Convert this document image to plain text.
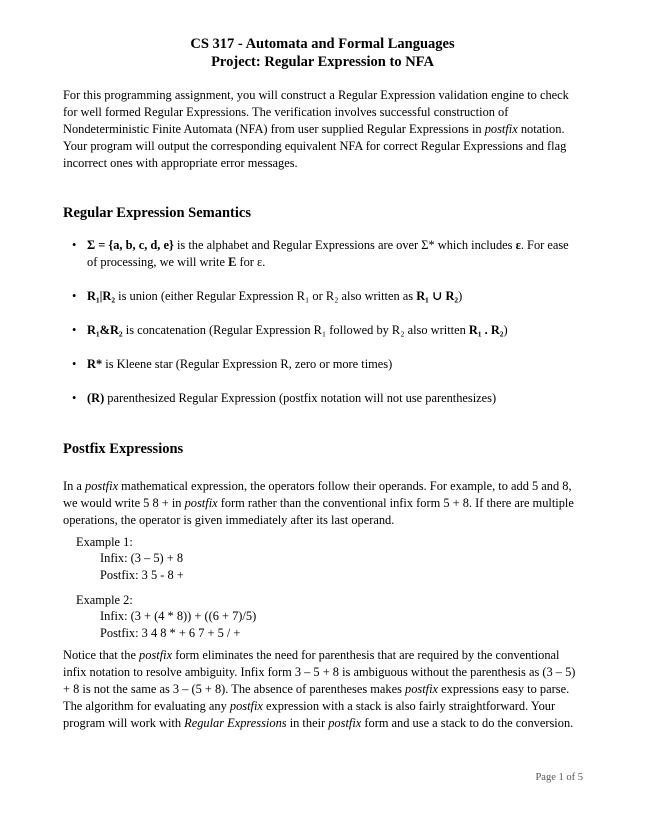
CS 317 - Automata and Formal Languages
Project: Regular Expression to NFA
For this programming assignment, you will construct a Regular Expression validation engine to check for well formed Regular Expressions. The verification involves successful construction of Nondeterministic Finite Automata (NFA) from user supplied Regular Expressions in postfix notation. Your program will output the corresponding equivalent NFA for correct Regular Expressions and flag incorrect ones with appropriate error messages.
Regular Expression Semantics
• Σ = {a, b, c, d, e} is the alphabet and Regular Expressions are over Σ* which includes ε. For ease of processing, we will write E for ε.
• R₁|R₂ is union (either Regular Expression R₁ or R₂ also written as R₁ ∪ R₂)
• R₁&R₂ is concatenation (Regular Expression R₁ followed by R₂ also written R₁ . R₂)
• R* is Kleene star (Regular Expression R, zero or more times)
• (R) parenthesized Regular Expression (postfix notation will not use parenthesizes)
Postfix Expressions
In a postfix mathematical expression, the operators follow their operands. For example, to add 5 and 8, we would write 5 8 + in postfix form rather than the conventional infix form 5 + 8. If there are multiple operations, the operator is given immediately after its last operand.
Example 1:
Infix: (3 – 5) + 8
Postfix: 3 5 - 8 +
Example 2:
Infix: (3 + (4 * 8)) + ((6 + 7)/5)
Postfix: 3 4 8 * + 6 7 + 5 / +
Notice that the postfix form eliminates the need for parenthesis that are required by the conventional infix notation to resolve ambiguity. Infix form 3 – 5 + 8 is ambiguous without the parenthesis as (3 – 5) + 8 is not the same as 3 – (5 + 8). The absence of parentheses makes postfix expressions easy to parse. The algorithm for evaluating any postfix expression with a stack is also fairly straightforward. Your program will work with Regular Expressions in their postfix form and use a stack to do the conversion.
Page 1 of 5
